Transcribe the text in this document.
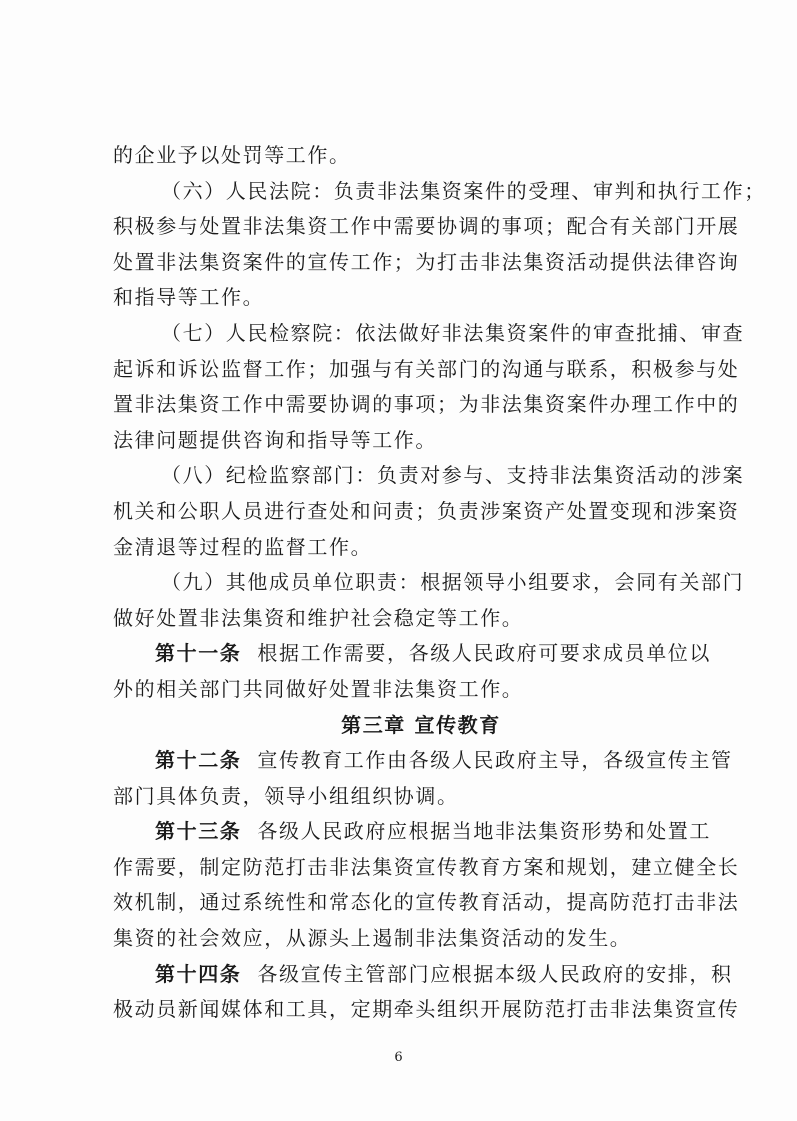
的企业予以处罚等工作。
（六）人民法院：负责非法集资案件的受理、审判和执行工作；
积极参与处置非法集资工作中需要协调的事项；配合有关部门开展
处置非法集资案件的宣传工作；为打击非法集资活动提供法律咨询
和指导等工作。
（七）人民检察院：依法做好非法集资案件的审查批捕、审查
起诉和诉讼监督工作；加强与有关部门的沟通与联系，积极参与处
置非法集资工作中需要协调的事项；为非法集资案件办理工作中的
法律问题提供咨询和指导等工作。
（八）纪检监察部门：负责对参与、支持非法集资活动的涉案
机关和公职人员进行查处和问责；负责涉案资产处置变现和涉案资
金清退等过程的监督工作。
（九）其他成员单位职责：根据领导小组要求，会同有关部门
做好处置非法集资和维护社会稳定等工作。
第十一条 根据工作需要，各级人民政府可要求成员单位以
外的相关部门共同做好处置非法集资工作。
第三章 宣传教育
第十二条 宣传教育工作由各级人民政府主导，各级宣传主管
部门具体负责，领导小组组织协调。
第十三条 各级人民政府应根据当地非法集资形势和处置工
作需要，制定防范打击非法集资宣传教育方案和规划，建立健全长
效机制，通过系统性和常态化的宣传教育活动，提高防范打击非法
集资的社会效应，从源头上遏制非法集资活动的发生。
第十四条 各级宣传主管部门应根据本级人民政府的安排，积
极动员新闻媒体和工具，定期牵头组织开展防范打击非法集资宣传
6
